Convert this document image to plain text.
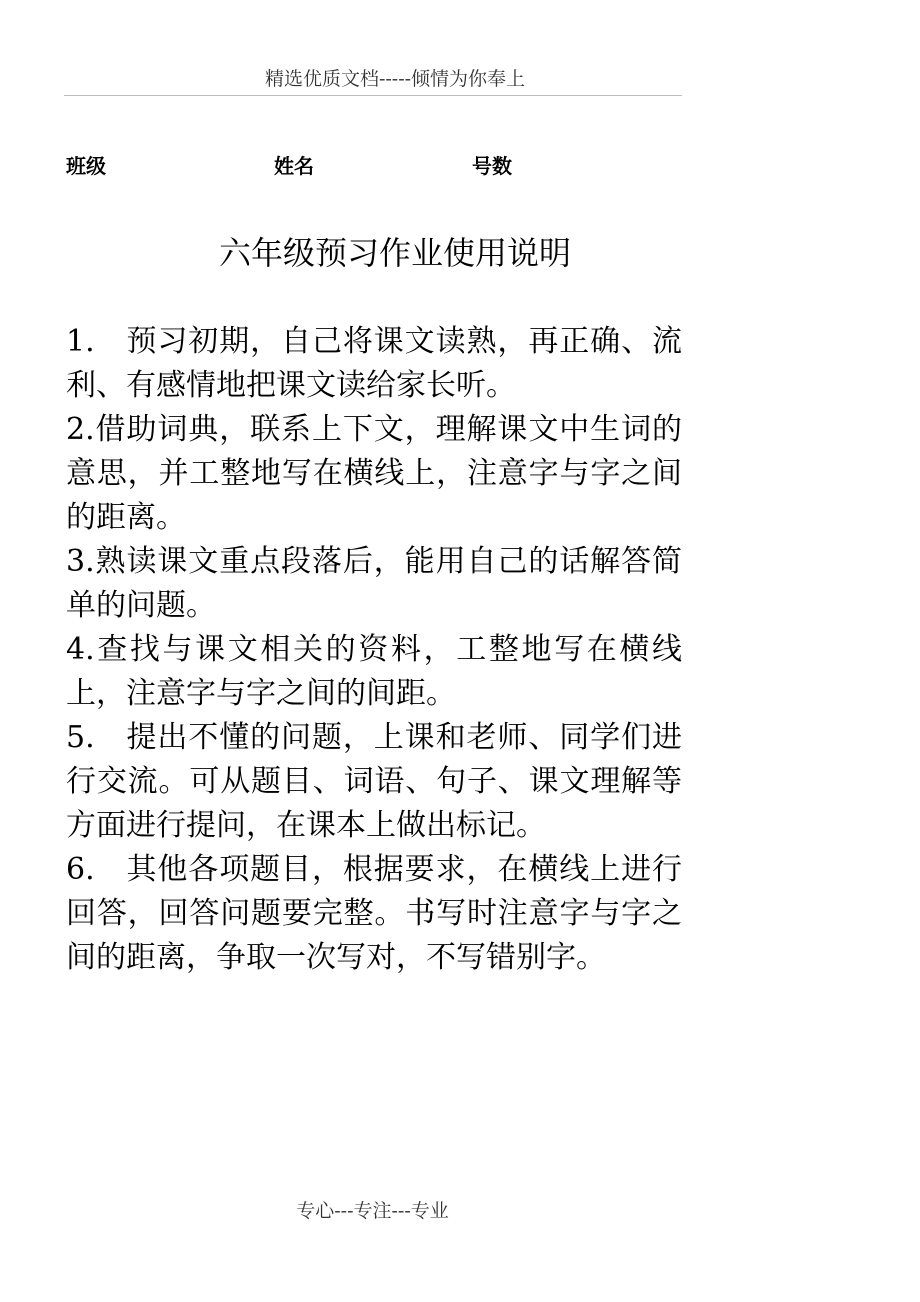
精选优质文档-----倾情为你奉上
班级	姓名	号数
六年级预习作业使用说明

1.　预习初期，自己将课文读熟，再正确、流利、有感情地把课文读给家长听。

2.借助词典，联系上下文，理解课文中生词的意思，并工整地写在横线上，注意字与字之间的距离。

3.熟读课文重点段落后，能用自己的话解答简单的问题。

4.查找与课文相关的资料，工整地写在横线上，注意字与字之间的间距。

5.　提出不懂的问题，上课和老师、同学们进行交流。可从题目、词语、句子、课文理解等方面进行提问，在课本上做出标记。

6.　其他各项题目，根据要求，在横线上进行回答，回答问题要完整。书写时注意字与字之间的距离，争取一次写对，不写错别字。

专心---专注---专业
